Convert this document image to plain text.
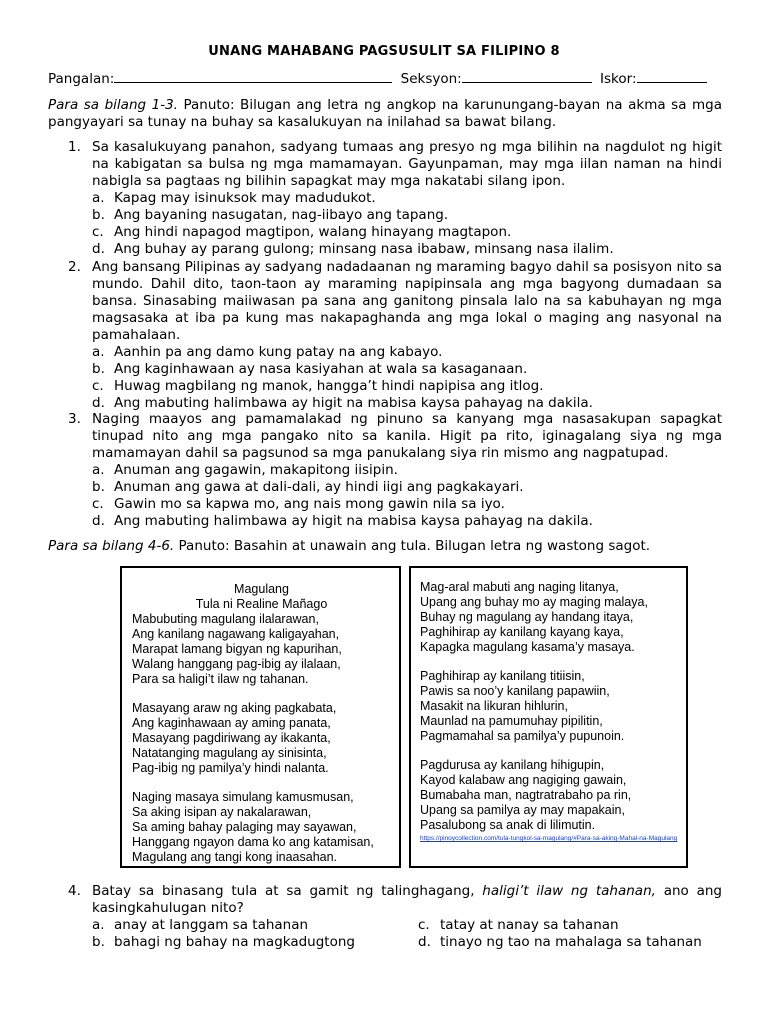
UNANG MAHABANG PAGSUSULIT SA FILIPINO 8
Pangalan:	Seksyon:	Iskor:
Para sa bilang 1-3. Panuto: Bilugan ang letra ng angkop na karunungang-bayan na akma sa mga pangyayari sa tunay na buhay sa kasalukuyan na inilahad sa bawat bilang.
1. Sa kasalukuyang panahon, sadyang tumaas ang presyo ng mga bilihin na nagdulot ng higit na kabigatan sa bulsa ng mga mamamayan. Gayunpaman, may mga iilan naman na hindi nabigla sa pagtaas ng bilihin sapagkat may mga nakatabi silang ipon.
a. Kapag may isinuksok may madudukot.
b. Ang bayaning nasugatan, nag-iibayo ang tapang.
c. Ang hindi napagod magtipon, walang hinayang magtapon.
d. Ang buhay ay parang gulong; minsang nasa ibabaw, minsang nasa ilalim.
2. Ang bansang Pilipinas ay sadyang nadadaanan ng maraming bagyo dahil sa posisyon nito sa mundo. Dahil dito, taon-taon ay maraming napipinsala ang mga bagyong dumadaan sa bansa. Sinasabing maiiwasan pa sana ang ganitong pinsala lalo na sa kabuhayan ng mga magsasaka at iba pa kung mas nakapaghanda ang mga lokal o maging ang nasyonal na pamahalaan.
a. Aanhin pa ang damo kung patay na ang kabayo.
b. Ang kaginhawaan ay nasa kasiyahan at wala sa kasaganaan.
c. Huwag magbilang ng manok, hangga’t hindi napipisa ang itlog.
d. Ang mabuting halimbawa ay higit na mabisa kaysa pahayag na dakila.
3. Naging maayos ang pamamalakad ng pinuno sa kanyang mga nasasakupan sapagkat tinupad nito ang mga pangako nito sa kanila. Higit pa rito, iginagalang siya ng mga mamamayan dahil sa pagsunod sa mga panukalang siya rin mismo ang nagpatupad.
a. Anuman ang gagawin, makapitong iisipin.
b. Anuman ang gawa at dali-dali, ay hindi iigi ang pagkakayari.
c. Gawin mo sa kapwa mo, ang nais mong gawin nila sa iyo.
d. Ang mabuting halimbawa ay higit na mabisa kaysa pahayag na dakila.
Para sa bilang 4-6. Panuto: Basahin at unawain ang tula. Bilugan letra ng wastong sagot.
Magulang
Tula ni Realine Mañago
Mabubuting magulang ilalarawan,
Ang kanilang nagawang kaligayahan,
Marapat lamang bigyan ng kapurihan,
Walang hanggang pag-ibig ay ilalaan,
Para sa haligi’t ilaw ng tahanan.
Masayang araw ng aking pagkabata,
Ang kaginhawaan ay aming panata,
Masayang pagdiriwang ay ikakanta,
Natatanging magulang ay sinisinta,
Pag-ibig ng pamilya’y hindi nalanta.
Naging masaya simulang kamusmusan,
Sa aking isipan ay nakalarawan,
Sa aming bahay palaging may sayawan,
Hanggang ngayon dama ko ang katamisan,
Magulang ang tangi kong inaasahan.
Mag-aral mabuti ang naging litanya,
Upang ang buhay mo ay maging malaya,
Buhay ng magulang ay handang itaya,
Paghihirap ay kanilang kayang kaya,
Kapagka magulang kasama’y masaya.
Paghihirap ay kanilang titiisin,
Pawis sa noo’y kanilang papawiin,
Masakit na likuran hihlurin,
Maunlad na pamumuhay pipilitin,
Pagmamahal sa pamilya’y pupunoin.
Pagdurusa ay kanilang hihigupin,
Kayod kalabaw ang nagiging gawain,
Bumabaha man, nagtratrabaho pa rin,
Upang sa pamilya ay may mapakain,
Pasalubong sa anak di lilimutin.
https://pinoycollection.com/tula-tungkol-sa-magulang/#Para-sa-aking-Mahal-na-Magulang
4. Batay sa binasang tula at sa gamit ng talinghagang, haligi’t ilaw ng tahanan, ano ang kasingkahulugan nito?
a. anay at langgam sa tahanan
b. bahagi ng bahay na magkadugtong
c. tatay at nanay sa tahanan
d. tinayo ng tao na mahalaga sa tahanan
